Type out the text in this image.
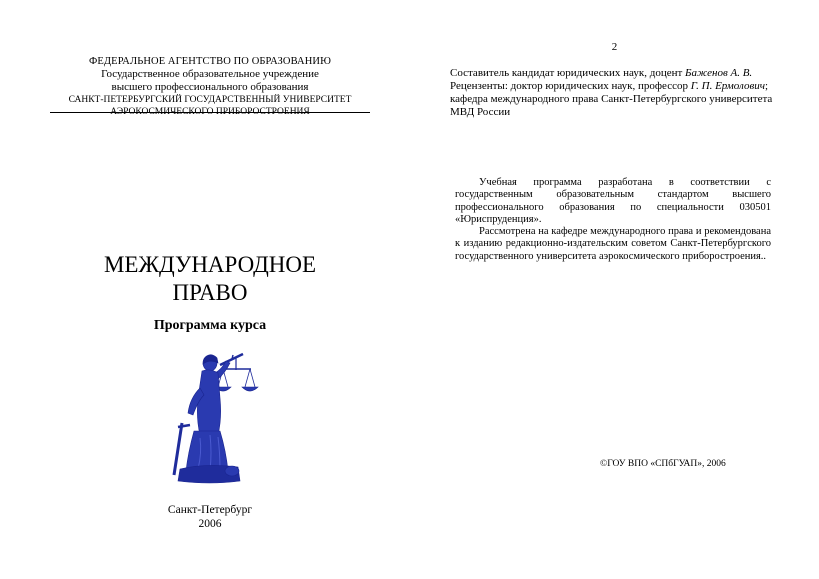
ФЕДЕРАЛЬНОЕ АГЕНТСТВО ПО ОБРАЗОВАНИЮ
Государственное образовательное учреждение
высшего профессионального образования
САНКТ-ПЕТЕРБУРГСКИЙ ГОСУДАРСТВЕННЫЙ УНИВЕРСИТЕТ
АЭРОКОСМИЧЕСКОГО ПРИБОРОСТРОЕНИЯ
МЕЖДУНАРОДНОЕ
ПРАВО
Программа курса
Санкт-Петербург
2006
2
Составитель кандидат юридических наук, доцент Баженов А. В.
Рецензенты: доктор юридических наук, профессор Г. П. Ермолович;
кафедра международного права Санкт-Петербургского университета МВД России

Учебная программа разработана в соответствии с государственным образовательным стандартом высшего профессионального образования по специальности 030501 «Юриспруденция».

Рассмотрена на кафедре международного права и рекомендована к изданию редакционно-издательским советом Санкт-Петербургского государственного университета аэрокосмического приборостроения..

©ГОУ ВПО «СПбГУАП», 2006
